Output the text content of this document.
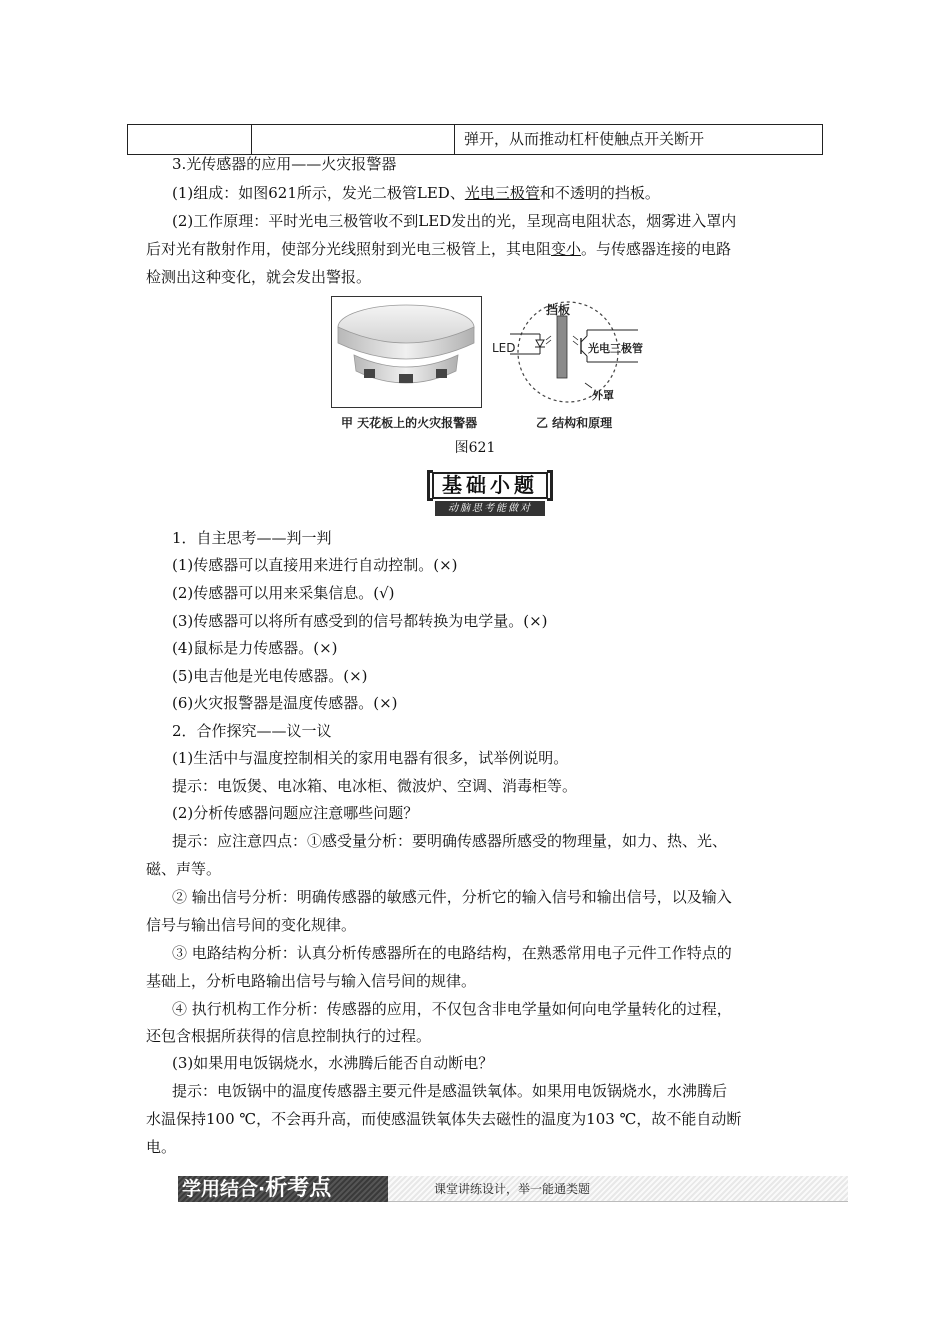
弹开，从而推动杠杆使触点开关断开
3.光传感器的应用——火灾报警器
(1)组成：如图621所示，发光二极管LED、光电三极管和不透明的挡板。
(2)工作原理：平时光电三极管收不到LED发出的光，呈现高电阻状态，烟雾进入罩内
后对光有散射作用，使部分光线照射到光电三极管上，其电阻变小。与传感器连接的电路
检测出这种变化，就会发出警报。
挡板
LED	光电三极管
外罩
甲 天花板上的火灾报警器	乙 结构和原理
图621
基础小题
动脑思考能做对
1．自主思考——判一判
(1)传感器可以直接用来进行自动控制。(×)
(2)传感器可以用来采集信息。(√)
(3)传感器可以将所有感受到的信号都转换为电学量。(×)
(4)鼠标是力传感器。(×)
(5)电吉他是光电传感器。(×)
(6)火灾报警器是温度传感器。(×)
2．合作探究——议一议
(1)生活中与温度控制相关的家用电器有很多，试举例说明。
提示：电饭煲、电冰箱、电冰柜、微波炉、空调、消毒柜等。
(2)分析传感器问题应注意哪些问题？
提示：应注意四点：①感受量分析：要明确传感器所感受的物理量，如力、热、光、
磁、声等。
② 输出信号分析：明确传感器的敏感元件，分析它的输入信号和输出信号，以及输入
信号与输出信号间的变化规律。
③ 电路结构分析：认真分析传感器所在的电路结构，在熟悉常用电子元件工作特点的
基础上，分析电路输出信号与输入信号间的规律。
④ 执行机构工作分析：传感器的应用，不仅包含非电学量如何向电学量转化的过程，
还包含根据所获得的信息控制执行的过程。
(3)如果用电饭锅烧水，水沸腾后能否自动断电？
提示：电饭锅中的温度传感器主要元件是感温铁氧体。如果用电饭锅烧水，水沸腾后
水温保持100 ℃，不会再升高，而使感温铁氧体失去磁性的温度为103 ℃，故不能自动断
电。
学用结合·析考点	课堂讲练设计，举一能通类题
